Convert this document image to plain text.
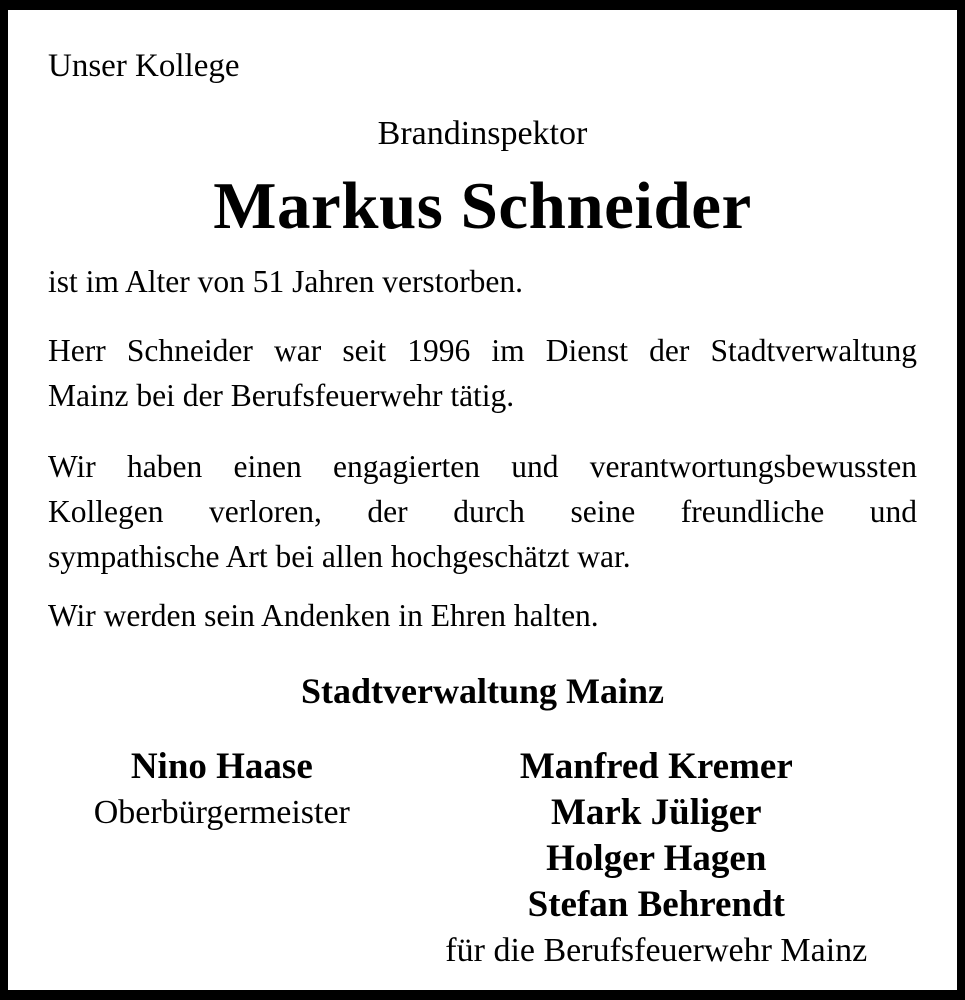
Unser Kollege
Brandinspektor
Markus Schneider
ist im Alter von 51 Jahren verstorben.
Herr Schneider war seit 1996 im Dienst der Stadtverwaltung
Mainz bei der Berufsfeuerwehr tätig.
Wir haben einen engagierten und verantwortungsbewussten
Kollegen verloren, der durch seine freundliche und
sympathische Art bei allen hochgeschätzt war.
Wir werden sein Andenken in Ehren halten.
Stadtverwaltung Mainz
Nino Haase
Oberbürgermeister
Manfred Kremer
Mark Jüliger
Holger Hagen
Stefan Behrendt
für die Berufsfeuerwehr Mainz
